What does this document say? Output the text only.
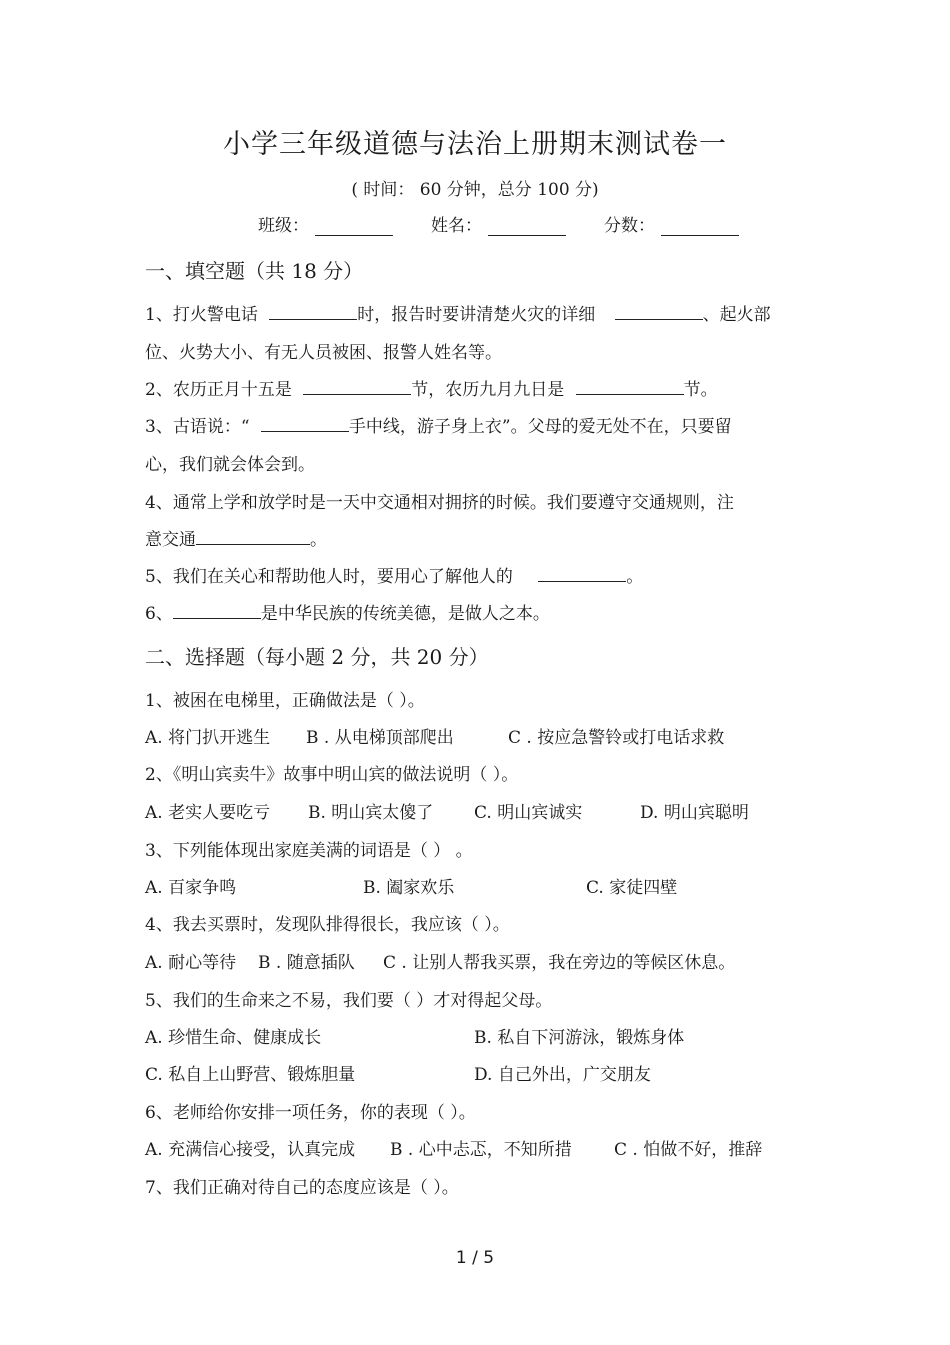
小学三年级道德与法治上册期末测试卷一
( 时间： 60 分钟，总分 100 分)
班级：	姓名：	分数：
一、填空题（共 18 分）
1、打火警电话	时，报告时要讲清楚火灾的详细	、起火部
位、火势大小、有无人员被困、报警人姓名等。
2、农历正月十五是	节，农历九月九日是	节。
3、古语说：“	手中线，游子身上衣”。父母的爱无处不在，只要留
心，我们就会体会到。
4、通常上学和放学时是一天中交通相对拥挤的时候。我们要遵守交通规则，注
意交通	。
5、我们在关心和帮助他人时，要用心了解他人的	。
6、	是中华民族的传统美德，是做人之本。
二、选择题（每小题 2 分，共 20 分）
1、被困在电梯里，正确做法是（ ）。
A. 将门扒开逃生 B . 从电梯顶部爬出	C . 按应急警铃或打电话求救
2、《明山宾卖牛》故事中明山宾的做法说明（ ）。
A. 老实人要吃亏 B. 明山宾太傻了 C. 明山宾诚实	D. 明山宾聪明
3、下列能体现出家庭美满的词语是（ ） 。
A. 百家争鸣	B. 阖家欢乐	C. 家徒四壁
4、我去买票时，发现队排得很长，我应该（ ）。
A. 耐心等待 B . 随意插队 C . 让别人帮我买票，我在旁边的等候区休息。
5、我们的生命来之不易，我们要（ ）才对得起父母。
A. 珍惜生命、健康成长	B. 私自下河游泳，锻炼身体
C. 私自上山野营、锻炼胆量	D. 自己外出，广交朋友
6、老师给你安排一项任务，你的表现（ ）。
A. 充满信心接受，认真完成 B . 心中忐忑，不知所措 C . 怕做不好，推辞
7、我们正确对待自己的态度应该是（ ）。
1 / 5
